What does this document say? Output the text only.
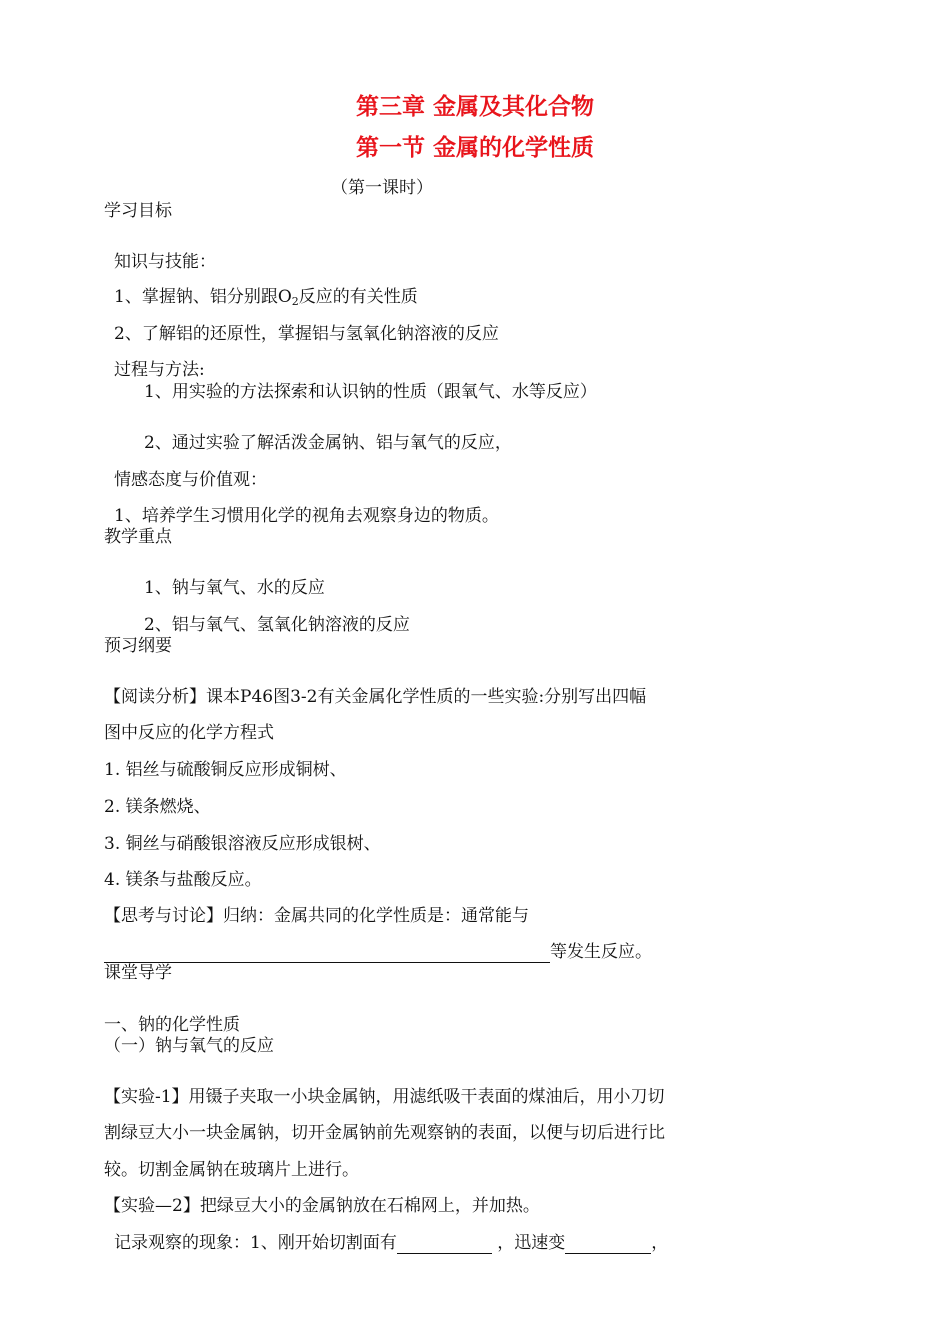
第三章 金属及其化合物
第一节 金属的化学性质
（第一课时）
学习目标
知识与技能：
1、掌握钠、铝分别跟$O_2$反应的有关性质
2、了解铝的还原性，掌握铝与氢氧化钠溶液的反应
过程与方法:
1、用实验的方法探索和认识钠的性质（跟氧气、水等反应）
2、通过实验了解活泼金属钠、铝与氧气的反应，
情感态度与价值观：
1、培养学生习惯用化学的视角去观察身边的物质。
教学重点
1、钠与氧气、水的反应
2、铝与氧气、氢氧化钠溶液的反应
预习纲要
【阅读分析】课本P46图3-2有关金属化学性质的一些实验:分别写出四幅
图中反应的化学方程式
1. 铝丝与硫酸铜反应形成铜树、
2. 镁条燃烧、
3. 铜丝与硝酸银溶液反应形成银树、
4. 镁条与盐酸反应。
【思考与讨论】归纳：金属共同的化学性质是：通常能与
等发生反应。
课堂导学
一、钠的化学性质
（一）钠与氧气的反应
【实验-1】用镊子夹取一小块金属钠，用滤纸吸干表面的煤油后，用小刀切
割绿豆大小一块金属钠，切开金属钠前先观察钠的表面，以便与切后进行比
较。切割金属钠在玻璃片上进行。
【实验—2】把绿豆大小的金属钠放在石棉网上，并加热。
记录观察的现象：1、刚开始切割面有	，迅速变	，
